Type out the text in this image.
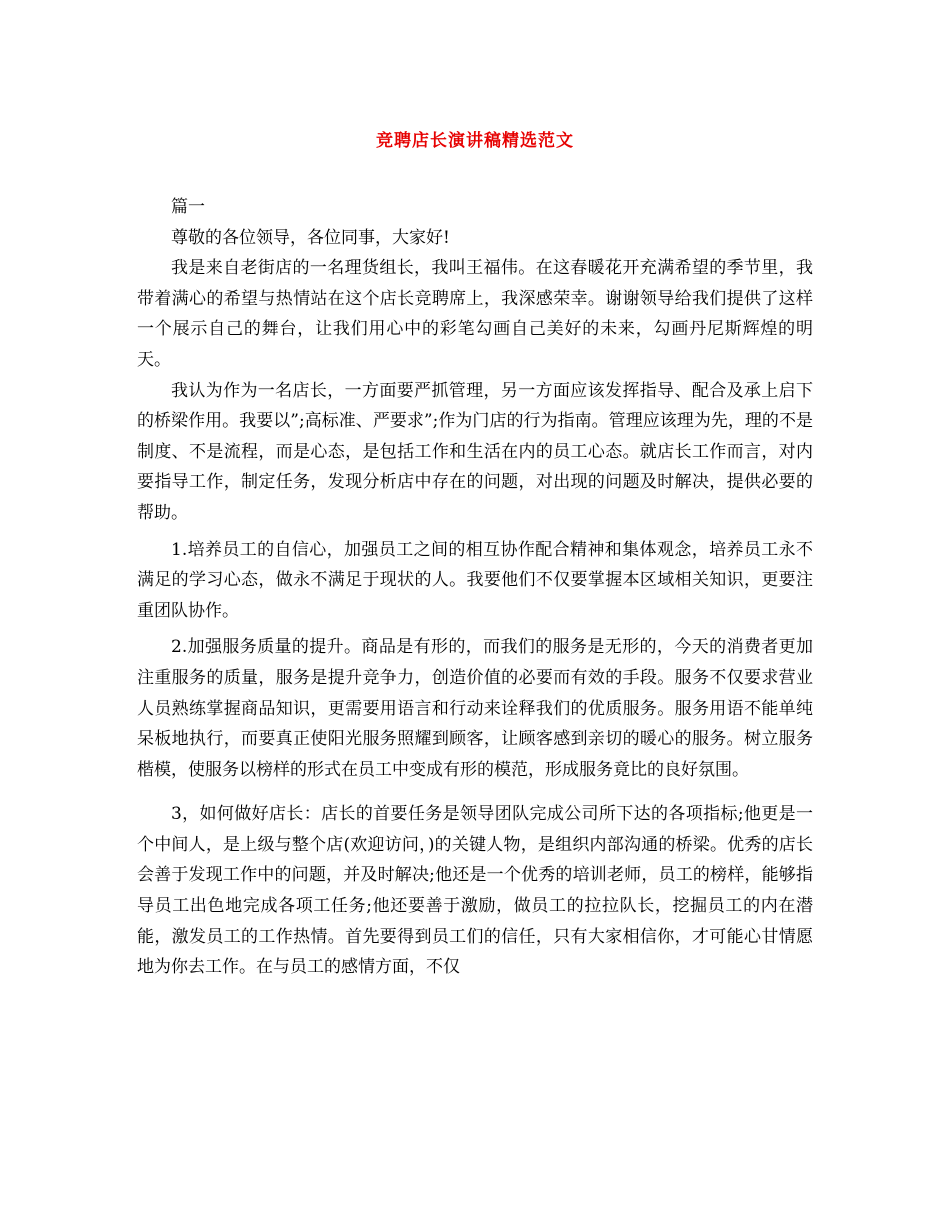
竞聘店长演讲稿精选范文

篇一

尊敬的各位领导，各位同事，大家好!

我是来自老街店的一名理货组长，我叫王福伟。在这春暖花开充满希望的季节里，我带着满心的希望与热情站在这个店长竞聘席上，我深感荣幸。谢谢领导给我们提供了这样一个展示自己的舞台，让我们用心中的彩笔勾画自己美好的未来，勾画丹尼斯辉煌的明天。

我认为作为一名店长，一方面要严抓管理，另一方面应该发挥指导、配合及承上启下的桥梁作用。我要以”;高标准、严要求”;作为门店的行为指南。管理应该理为先，理的不是制度、不是流程，而是心态，是包括工作和生活在内的员工心态。就店长工作而言，对内要指导工作，制定任务，发现分析店中存在的问题，对出现的问题及时解决，提供必要的帮助。

1.培养员工的自信心，加强员工之间的相互协作配合精神和集体观念，培养员工永不满足的学习心态，做永不满足于现状的人。我要他们不仅要掌握本区域相关知识，更要注重团队协作。

2.加强服务质量的提升。商品是有形的，而我们的服务是无形的，今天的消费者更加注重服务的质量，服务是提升竞争力，创造价值的必要而有效的手段。服务不仅要求营业人员熟练掌握商品知识，更需要用语言和行动来诠释我们的优质服务。服务用语不能单纯呆板地执行，而要真正使阳光服务照耀到顾客，让顾客感到亲切的暖心的服务。树立服务楷模，使服务以榜样的形式在员工中变成有形的模范，形成服务竟比的良好氛围。

3，如何做好店长：店长的首要任务是领导团队完成公司所下达的各项指标;他更是一个中间人，是上级与整个店(欢迎访问，)的关键人物，是组织内部沟通的桥梁。优秀的店长会善于发现工作中的问题，并及时解决;他还是一个优秀的培训老师，员工的榜样，能够指导员工出色地完成各项工任务;他还要善于激励，做员工的拉拉队长，挖掘员工的内在潜能，激发员工的工作热情。首先要得到员工们的信任，只有大家相信你，才可能心甘情愿地为你去工作。在与员工的感情方面，不仅
